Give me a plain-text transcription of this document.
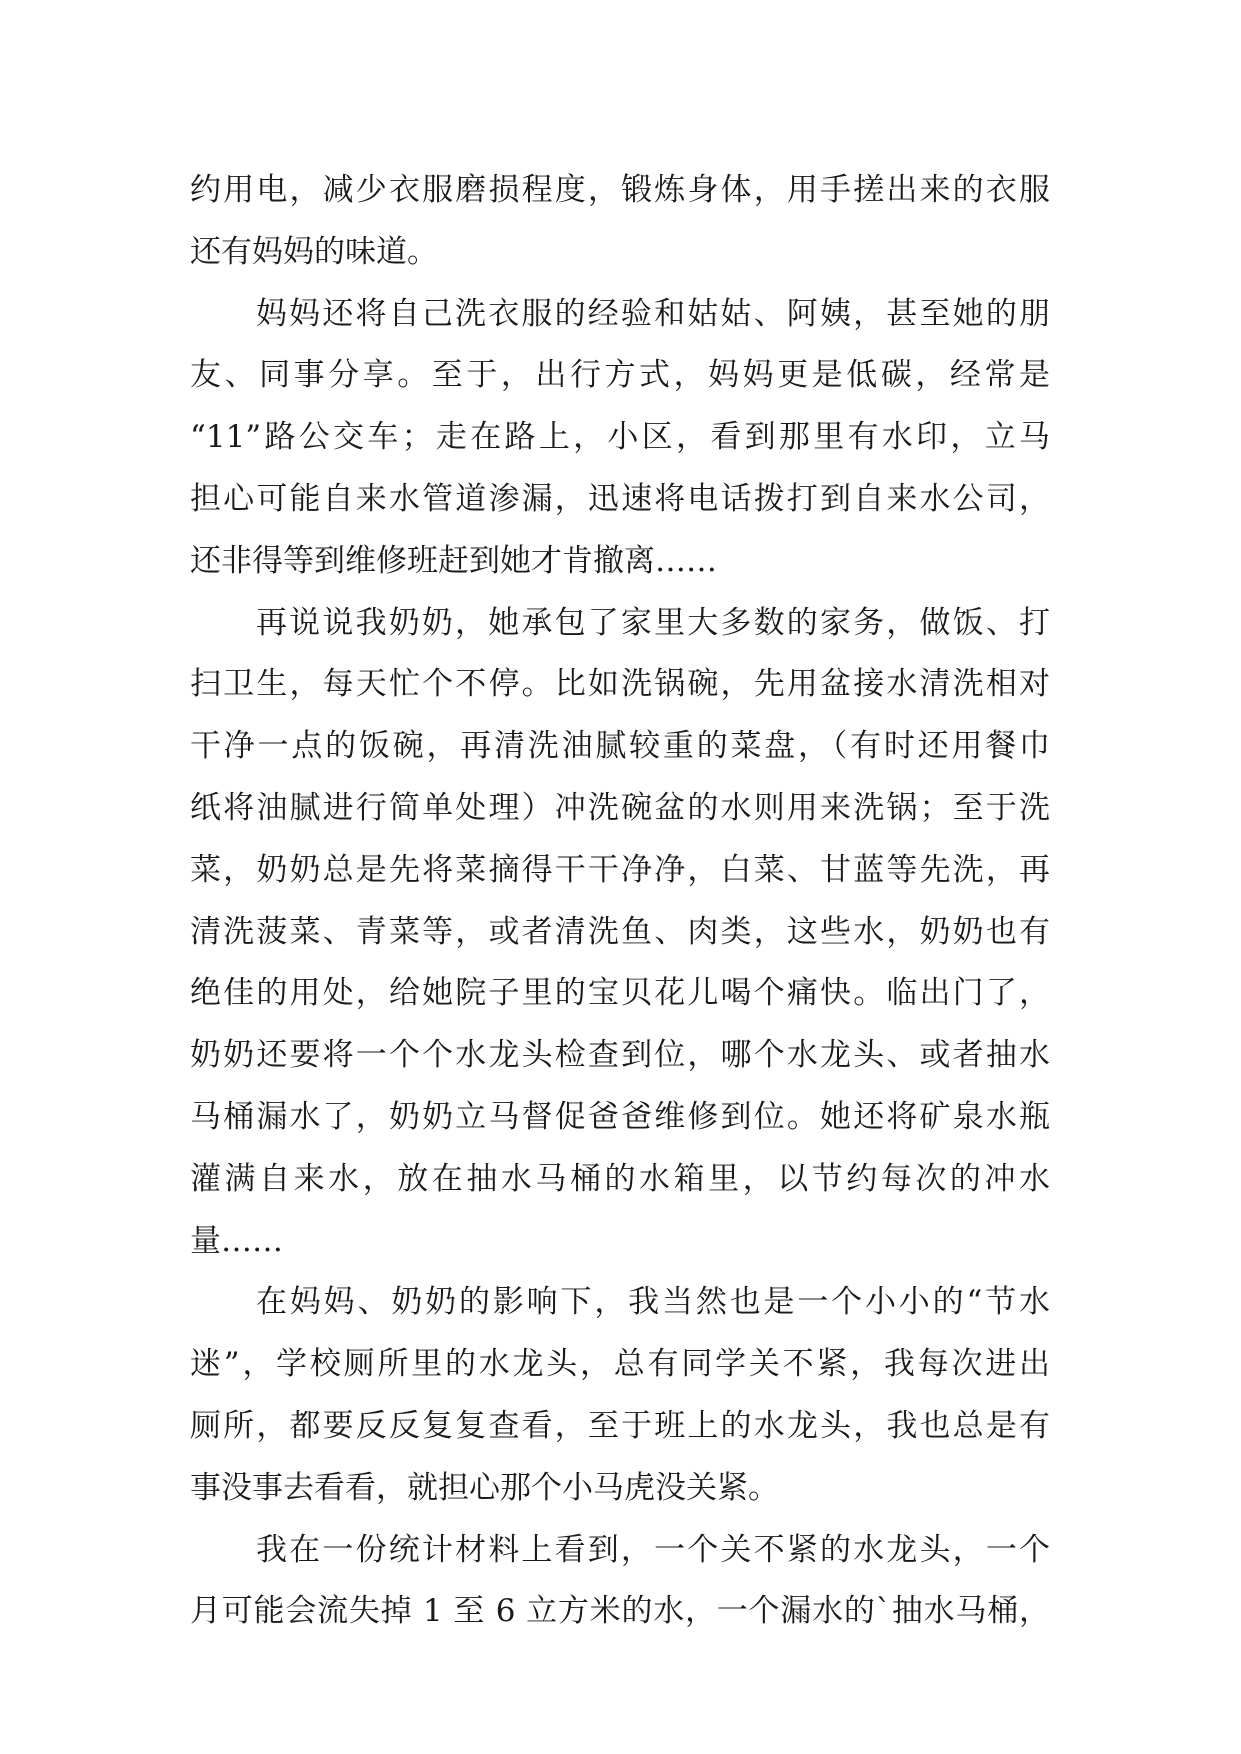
约用电，减少衣服磨损程度，锻炼身体，用手搓出来的衣服
还有妈妈的味道。
妈妈还将自己洗衣服的经验和姑姑、阿姨，甚至她的朋
友、同事分享。至于，出行方式，妈妈更是低碳，经常是
“11”路公交车；走在路上，小区，看到那里有水印，立马
担心可能自来水管道渗漏，迅速将电话拨打到自来水公司，
还非得等到维修班赶到她才肯撤离……
再说说我奶奶，她承包了家里大多数的家务，做饭、打
扫卫生，每天忙个不停。比如洗锅碗，先用盆接水清洗相对
干净一点的饭碗，再清洗油腻较重的菜盘，（有时还用餐巾
纸将油腻进行简单处理）冲洗碗盆的水则用来洗锅；至于洗
菜，奶奶总是先将菜摘得干干净净，白菜、甘蓝等先洗，再
清洗菠菜、青菜等，或者清洗鱼、肉类，这些水，奶奶也有
绝佳的用处，给她院子里的宝贝花儿喝个痛快。临出门了，
奶奶还要将一个个水龙头检查到位，哪个水龙头、或者抽水
马桶漏水了，奶奶立马督促爸爸维修到位。她还将矿泉水瓶
灌满自来水，放在抽水马桶的水箱里，以节约每次的冲水
量……
在妈妈、奶奶的影响下，我当然也是一个小小的“节水
迷”，学校厕所里的水龙头，总有同学关不紧，我每次进出
厕所，都要反反复复查看，至于班上的水龙头，我也总是有
事没事去看看，就担心那个小马虎没关紧。
我在一份统计材料上看到，一个关不紧的水龙头，一个
月可能会流失掉 1 至 6 立方米的水，一个漏水的`抽水马桶，
